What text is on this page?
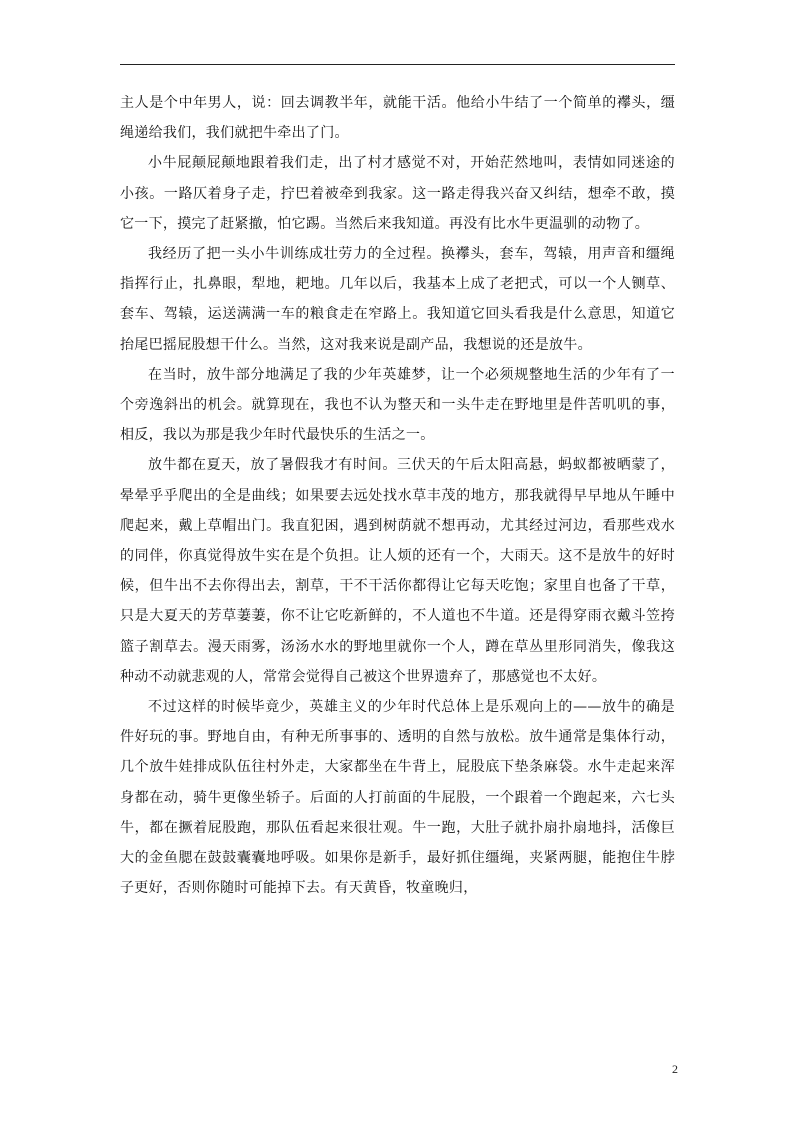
主人是个中年男人，说：回去调教半年，就能干活。他给小牛结了一个简单的襻头，缰绳递给我们，我们就把牛牵出了门。

小牛屁颠屁颠地跟着我们走，出了村才感觉不对，开始茫然地叫，表情如同迷途的小孩。一路仄着身子走，拧巴着被牵到我家。这一路走得我兴奋又纠结，想牵不敢，摸它一下，摸完了赶紧撤，怕它踢。当然后来我知道。再没有比水牛更温驯的动物了。

我经历了把一头小牛训练成壮劳力的全过程。换襻头，套车，驾辕，用声音和缰绳指挥行止，扎鼻眼，犁地，耙地。几年以后，我基本上成了老把式，可以一个人铡草、套车、驾辕，运送满满一车的粮食走在窄路上。我知道它回头看我是什么意思，知道它抬尾巴摇屁股想干什么。当然，这对我来说是副产品，我想说的还是放牛。

在当时，放牛部分地满足了我的少年英雄梦，让一个必须规整地生活的少年有了一个旁逸斜出的机会。就算现在，我也不认为整天和一头牛走在野地里是件苦叽叽的事，相反，我以为那是我少年时代最快乐的生活之一。

放牛都在夏天，放了暑假我才有时间。三伏天的午后太阳高悬，蚂蚁都被晒蒙了，晕晕乎乎爬出的全是曲线；如果要去远处找水草丰茂的地方，那我就得早早地从午睡中爬起来，戴上草帽出门。我直犯困，遇到树荫就不想再动，尤其经过河边，看那些戏水的同伴，你真觉得放牛实在是个负担。让人烦的还有一个，大雨天。这不是放牛的好时候，但牛出不去你得出去，割草，干不干活你都得让它每天吃饱；家里自也备了干草，只是大夏天的芳草萋萋，你不让它吃新鲜的，不人道也不牛道。还是得穿雨衣戴斗笠挎篮子割草去。漫天雨雾，汤汤水水的野地里就你一个人，蹲在草丛里形同消失，像我这种动不动就悲观的人，常常会觉得自己被这个世界遗弃了，那感觉也不太好。

不过这样的时候毕竟少，英雄主义的少年时代总体上是乐观向上的——放牛的确是件好玩的事。野地自由，有种无所事事的、透明的自然与放松。放牛通常是集体行动，几个放牛娃排成队伍往村外走，大家都坐在牛背上，屁股底下垫条麻袋。水牛走起来浑身都在动，骑牛更像坐轿子。后面的人打前面的牛屁股，一个跟着一个跑起来，六七头牛，都在撅着屁股跑，那队伍看起来很壮观。牛一跑，大肚子就扑扇扑扇地抖，活像巨大的金鱼腮在鼓鼓囊囊地呼吸。如果你是新手，最好抓住缰绳，夹紧两腿，能抱住牛脖子更好，否则你随时可能掉下去。有天黄昏，牧童晚归，

2
